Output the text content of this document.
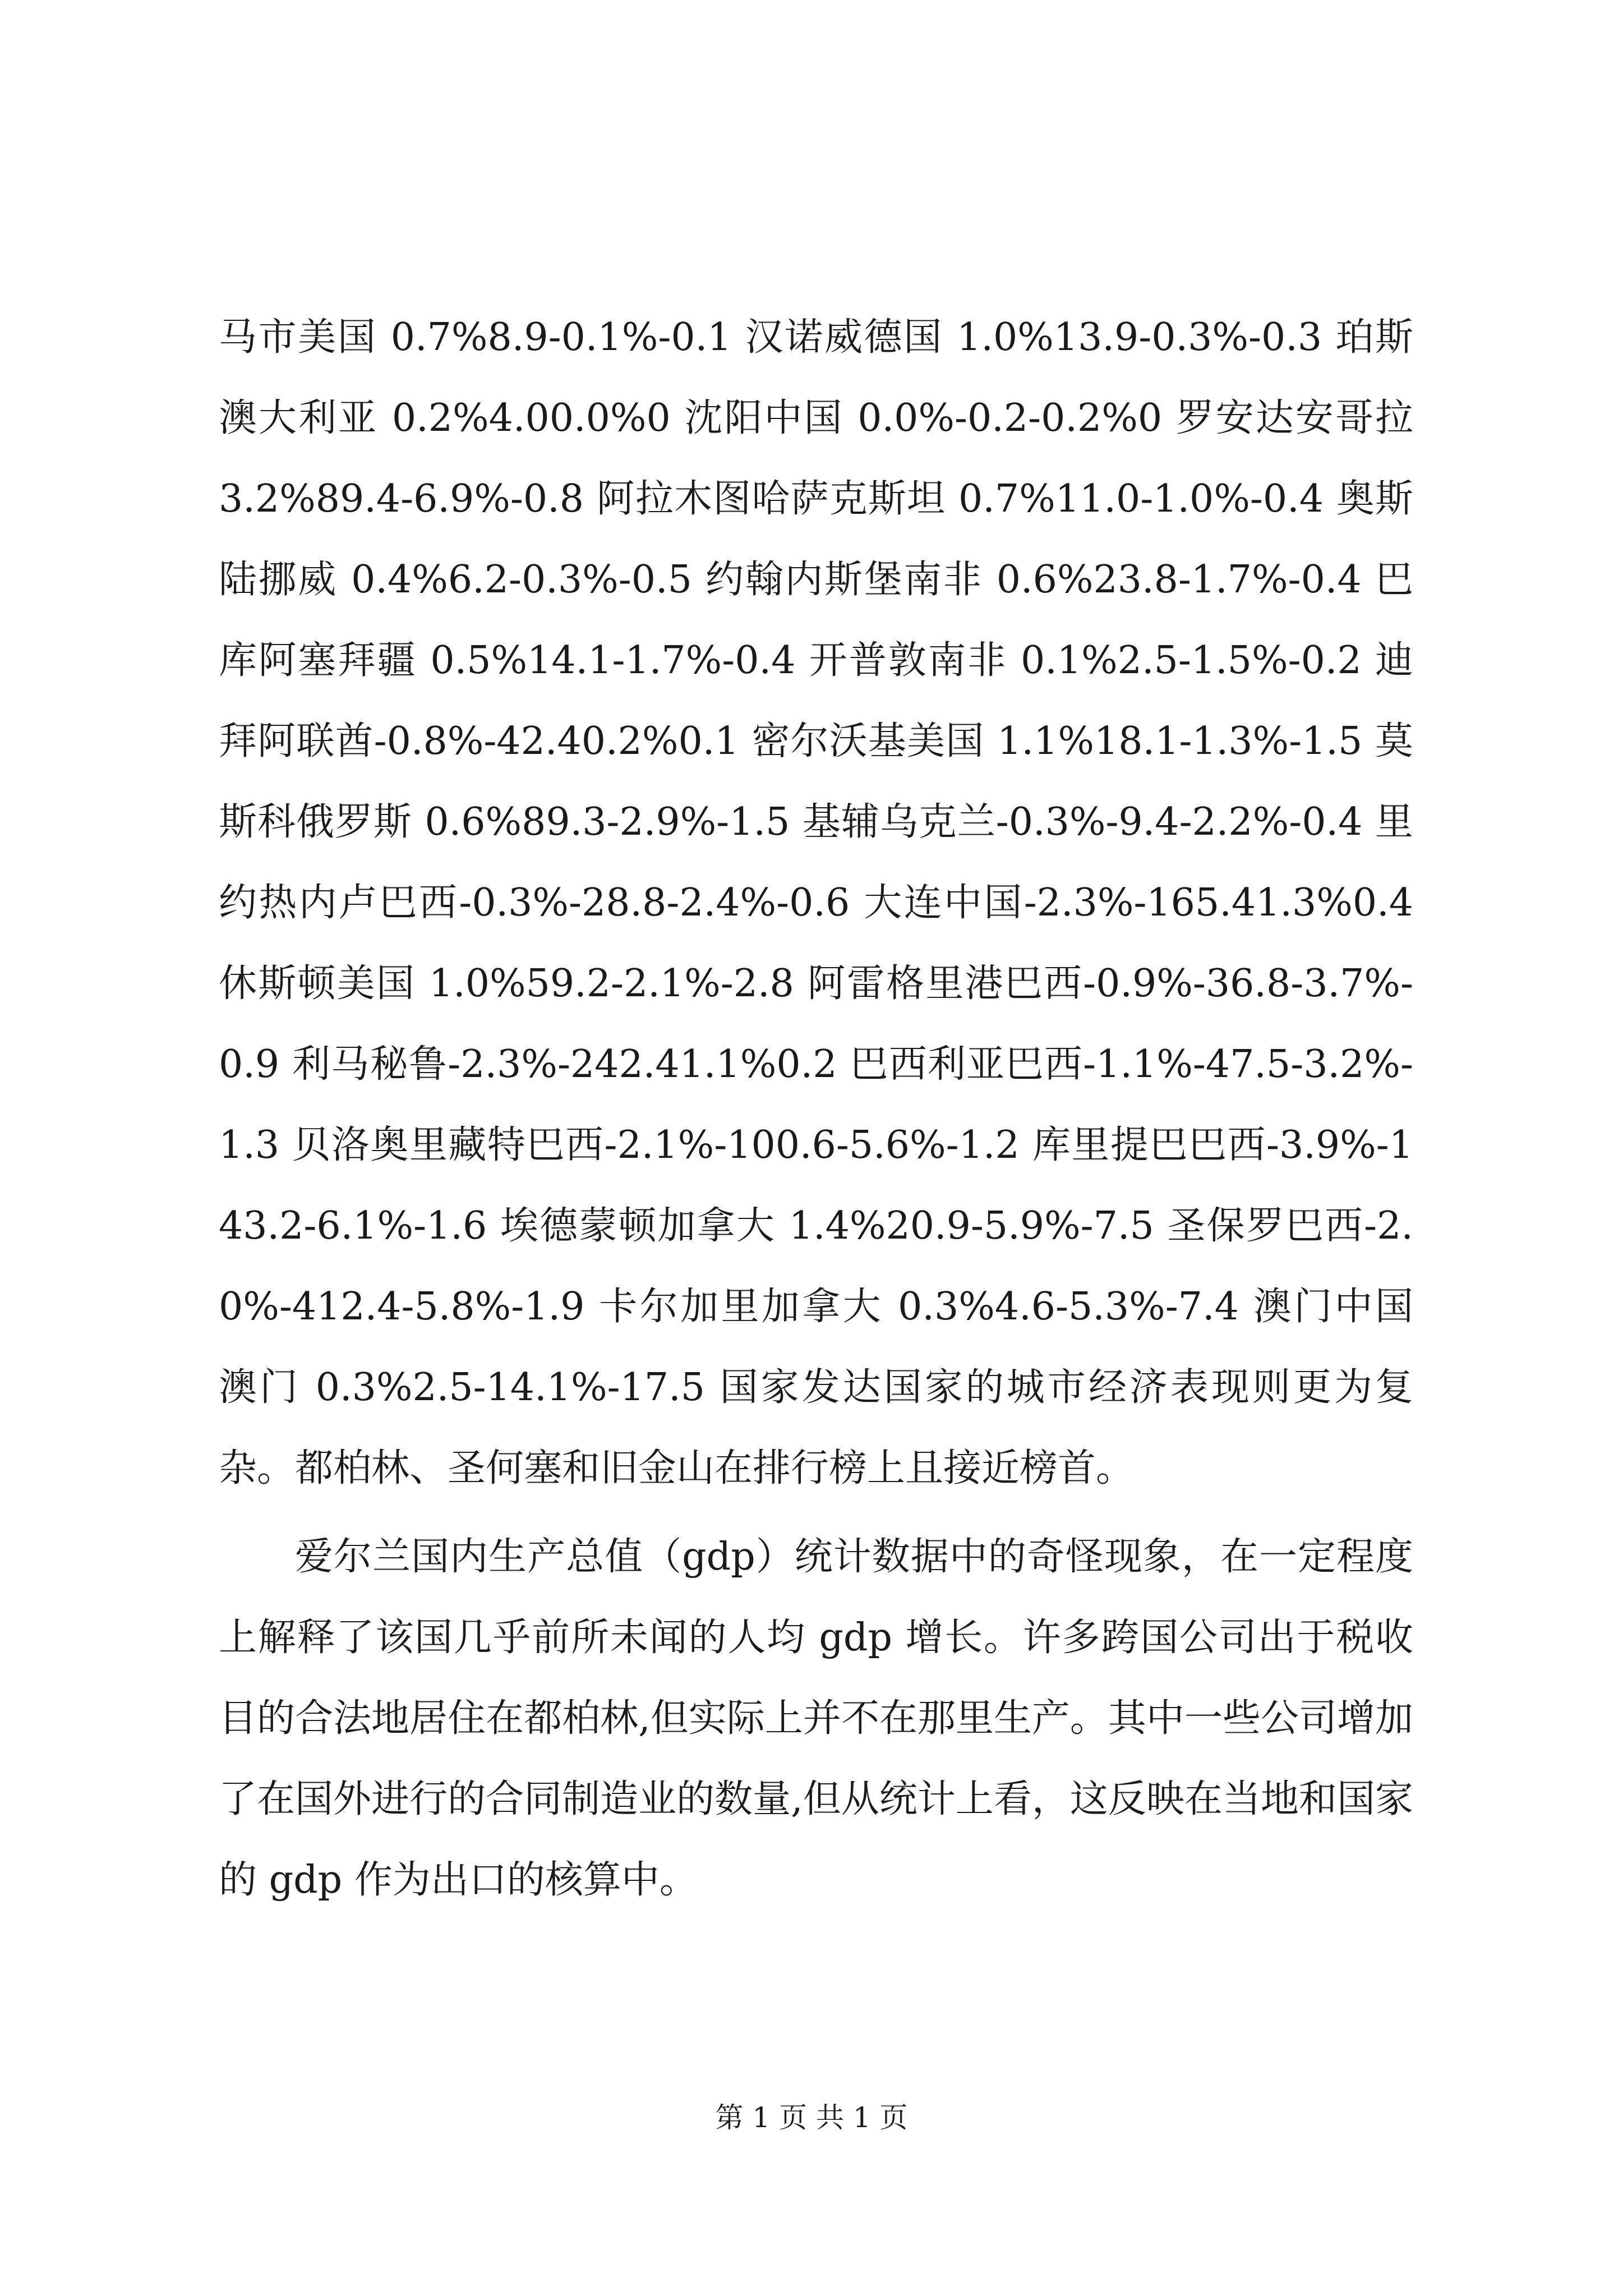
马市美国 0.7%8.9-0.1%-0.1 汉诺威德国 1.0%13.9-0.3%-0.3 珀斯澳大利亚 0.2%4.00.0%0 沈阳中国 0.0%-0.2-0.2%0 罗安达安哥拉 3.2%89.4-6.9%-0.8 阿拉木图哈萨克斯坦 0.7%11.0-1.0%-0.4 奥斯陆挪威 0.4%6.2-0.3%-0.5 约翰内斯堡南非 0.6%23.8-1.7%-0.4 巴库阿塞拜疆 0.5%14.1-1.7%-0.4 开普敦南非 0.1%2.5-1.5%-0.2 迪拜阿联酋-0.8%-42.40.2%0.1 密尔沃基美国 1.1%18.1-1.3%-1.5 莫斯科俄罗斯 0.6%89.3-2.9%-1.5 基辅乌克兰-0.3%-9.4-2.2%-0.4 里约热内卢巴西-0.3%-28.8-2.4%-0.6 大连中国-2.3%-165.41.3%0.4 休斯顿美国 1.0%59.2-2.1%-2.8 阿雷格里港巴西-0.9%-36.8-3.7%-0.9 利马秘鲁-2.3%-242.41.1%0.2 巴西利亚巴西-1.1%-47.5-3.2%-1.3 贝洛奥里藏特巴西-2.1%-100.6-5.6%-1.2 库里提巴巴西-3.9%-143.2-6.1%-1.6 埃德蒙顿加拿大 1.4%20.9-5.9%-7.5 圣保罗巴西-2.0%-412.4-5.8%-1.9 卡尔加里加拿大 0.3%4.6-5.3%-7.4 澳门中国澳门 0.3%2.5-14.1%-17.5 国家发达国家的城市经济表现则更为复杂。都柏林、圣何塞和旧金山在排行榜上且接近榜首。

爱尔兰国内生产总值（gdp）统计数据中的奇怪现象，在一定程度上解释了该国几乎前所未闻的人均 gdp 增长。许多跨国公司出于税收目的合法地居住在都柏林,但实际上并不在那里生产。其中一些公司增加了在国外进行的合同制造业的数量,但从统计上看，这反映在当地和国家的 gdp 作为出口的核算中。

第 1 页 共 1 页
